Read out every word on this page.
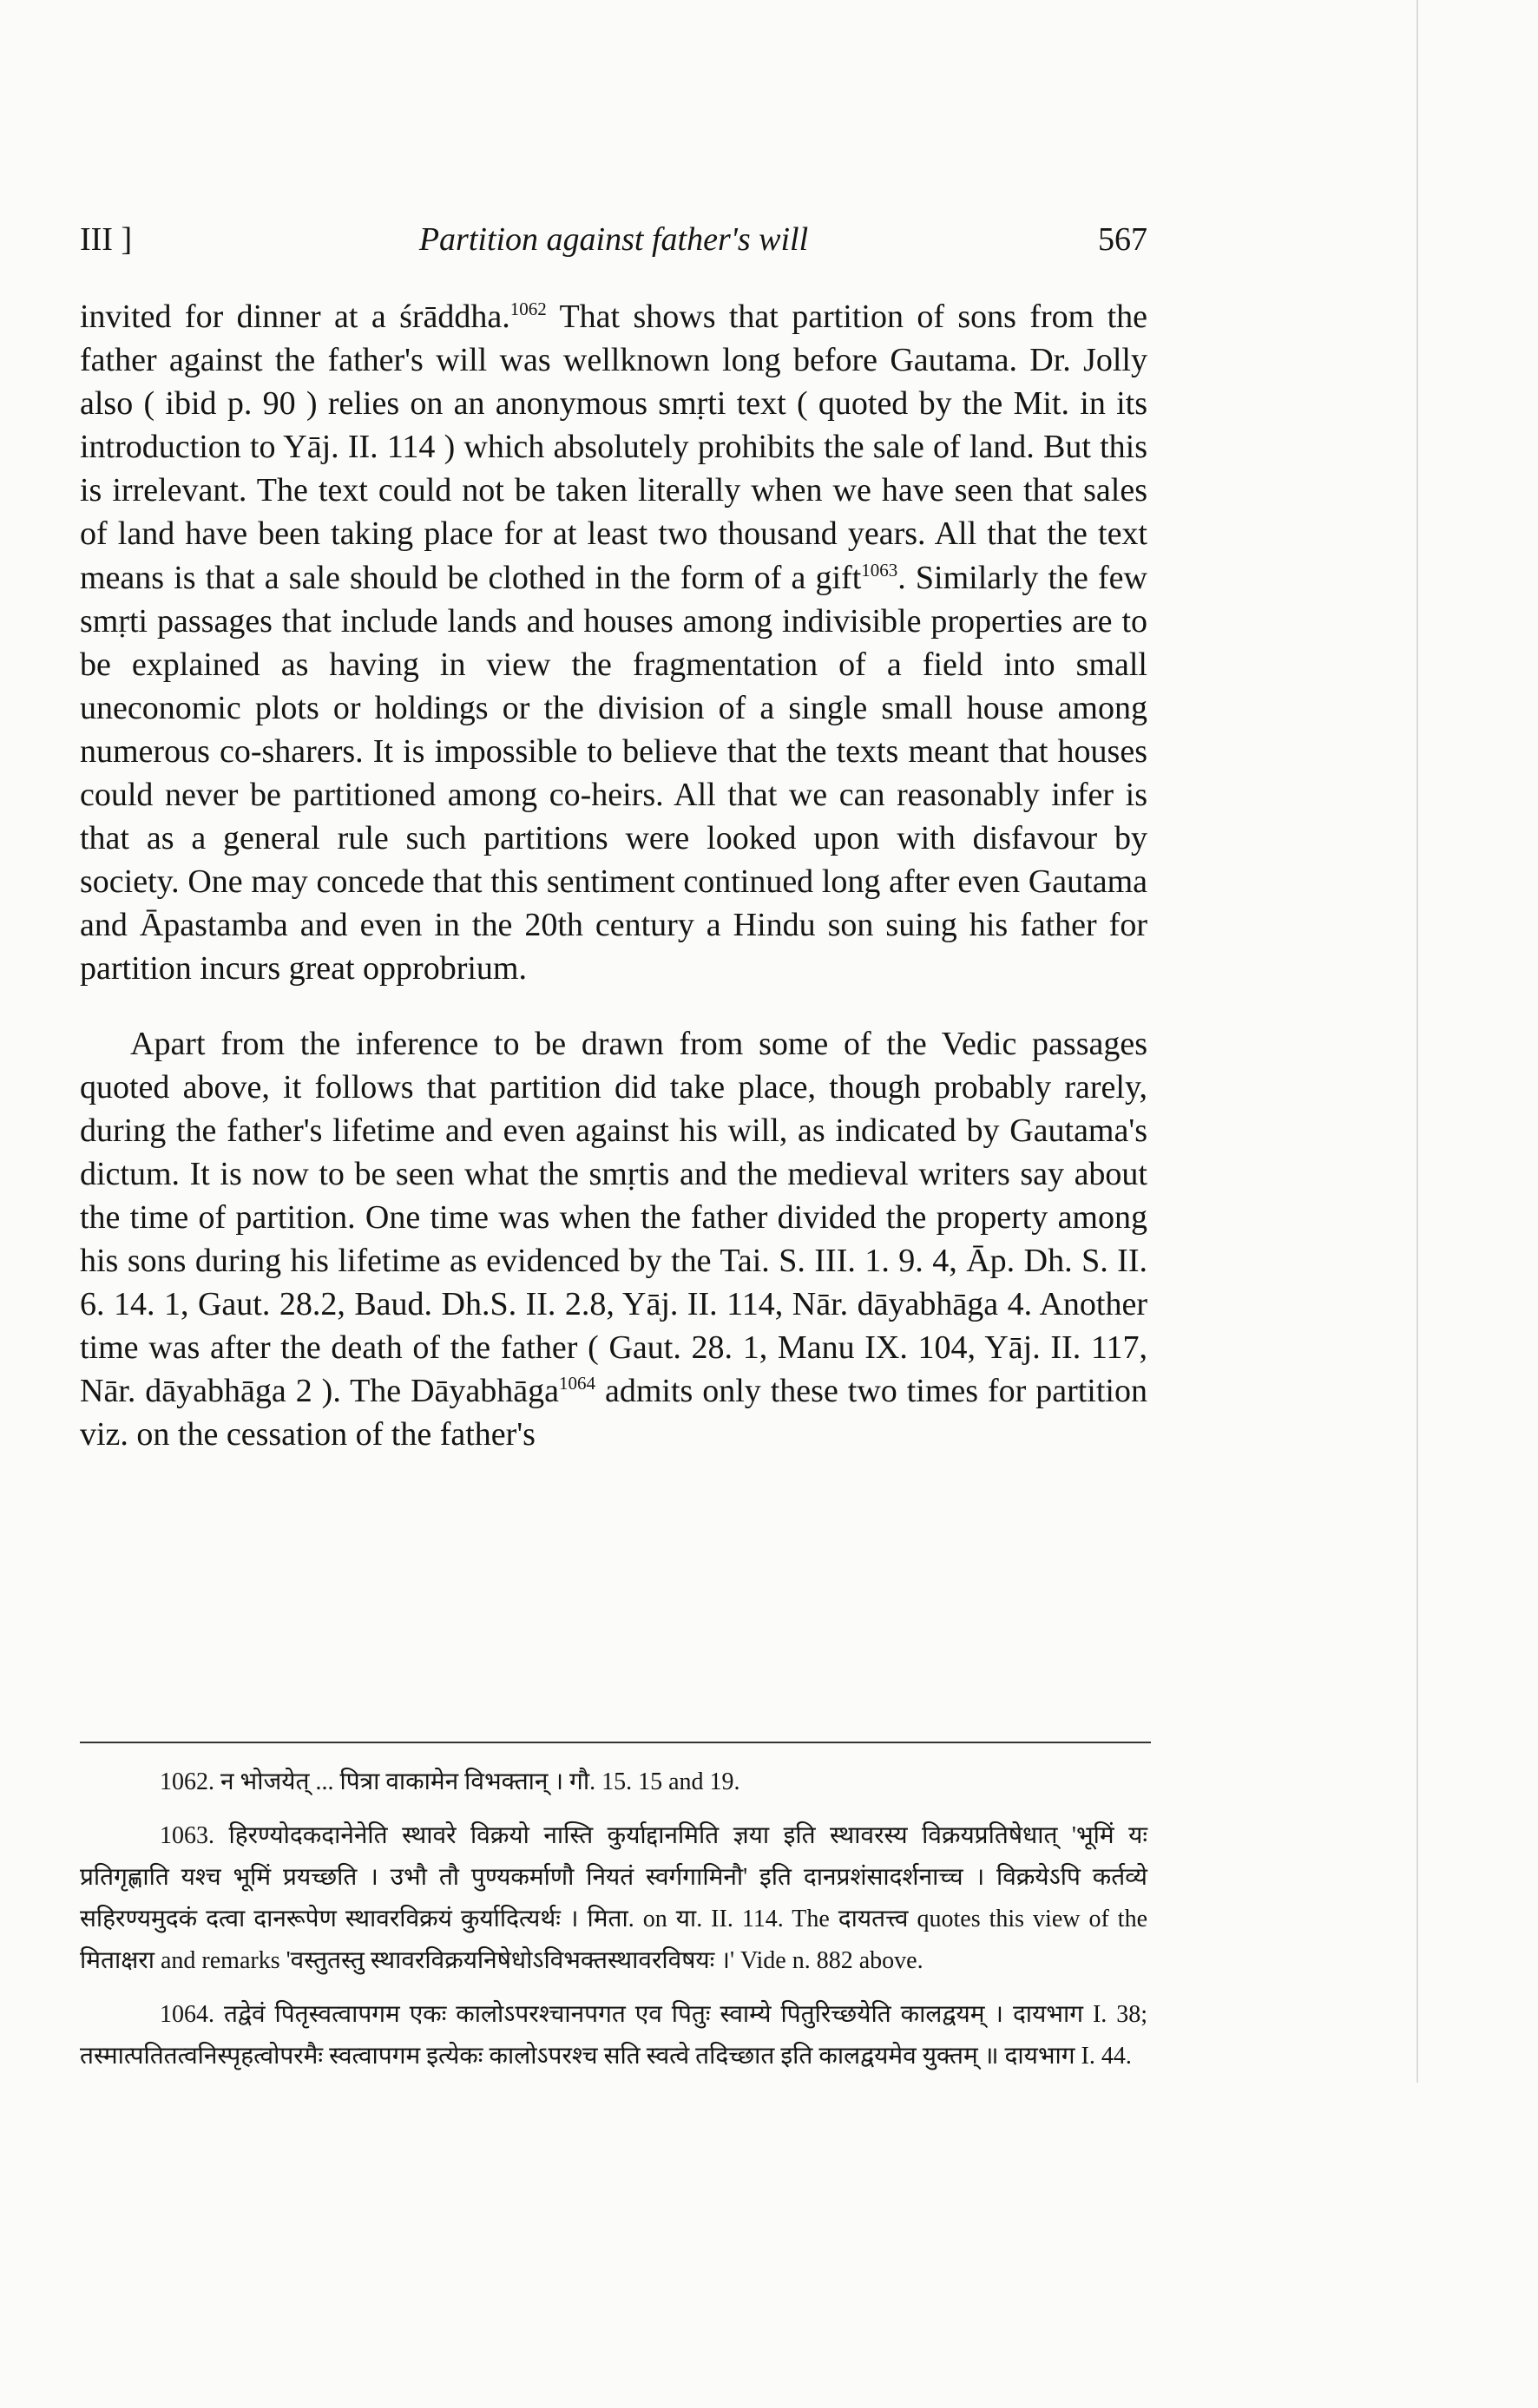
III ]	Partition against father's will	567

invited for dinner at a śrāddha.$^{1062}$ That shows that partition of sons from the father against the father's will was wellknown long before Gautama. Dr. Jolly also ( ibid p. 90 ) relies on an anonymous smṛti text ( quoted by the Mit. in its introduction to Yāj. II. 114 ) which absolutely prohibits the sale of land. But this is irrelevant. The text could not be taken literally when we have seen that sales of land have been taking place for at least two thousand years. All that the text means is that a sale should be clothed in the form of a gift$^{1063}$. Similarly the few smṛti passages that include lands and houses among indivisible properties are to be explained as having in view the fragmentation of a field into small uneconomic plots or holdings or the division of a single small house among numerous co-sharers. It is impossible to believe that the texts meant that houses could never be partitioned among co-heirs. All that we can reasonably infer is that as a general rule such partitions were looked upon with disfavour by society. One may concede that this sentiment continued long after even Gautama and Āpastamba and even in the 20th century a Hindu son suing his father for partition incurs great opprobrium.

Apart from the inference to be drawn from some of the Vedic passages quoted above, it follows that partition did take place, though probably rarely, during the father's lifetime and even against his will, as indicated by Gautama's dictum. It is now to be seen what the smṛtis and the medieval writers say about the time of partition. One time was when the father divided the property among his sons during his lifetime as evidenced by the Tai. S. III. 1. 9. 4, Āp. Dh. S. II. 6. 14. 1, Gaut. 28.2, Baud. Dh.S. II. 2.8, Yāj. II. 114, Nār. dāyabhāga 4. Another time was after the death of the father ( Gaut. 28. 1, Manu IX. 104, Yāj. II. 117, Nār. dāyabhāga 2 ). The Dāyabhāga$^{1064}$ admits only these two times for partition viz. on the cessation of the father's

1062. न भोजयेत् ... पित्रा वाकामेन विभक्तान् । गौ. 15. 15 and 19.

1063. हिरण्योदकदानेनेति स्थावरे विक्रयो नास्ति कुर्याद्दानमिति ज्ञया इति स्थावरस्य विक्रयप्रतिषेधात् 'भूमिं यः प्रतिगृह्णाति यश्च भूमिं प्रयच्छति । उभौ तौ पुण्यकर्माणौ नियतं स्वर्गगामिनौ' इति दानप्रशंसादर्शनाच्च । विक्रयेऽपि कर्तव्ये सहिरण्यमुदकं दत्वा दानरूपेण स्थावरविक्रयं कुर्यादित्यर्थः । मिता. on या. II. 114. The दायतत्त्व quotes this view of the मिताक्षरा and remarks 'वस्तुतस्तु स्थावरविक्रयनिषेधोऽविभक्तस्थावरविषयः ।' Vide n. 882 above.

1064. तद्वेवं पितृस्वत्वापगम एकः कालोऽपरश्चानपगत एव पितुः स्वाम्ये पितुरिच्छयेति कालद्वयम् । दायभाग I. 38; तस्मात्पतितत्वनिस्पृहत्वोपरमैः स्वत्वापगम इत्येकः कालोऽपरश्च सति स्वत्वे तदिच्छात इति कालद्वयमेव युक्तम् ॥ दायभाग I. 44.
